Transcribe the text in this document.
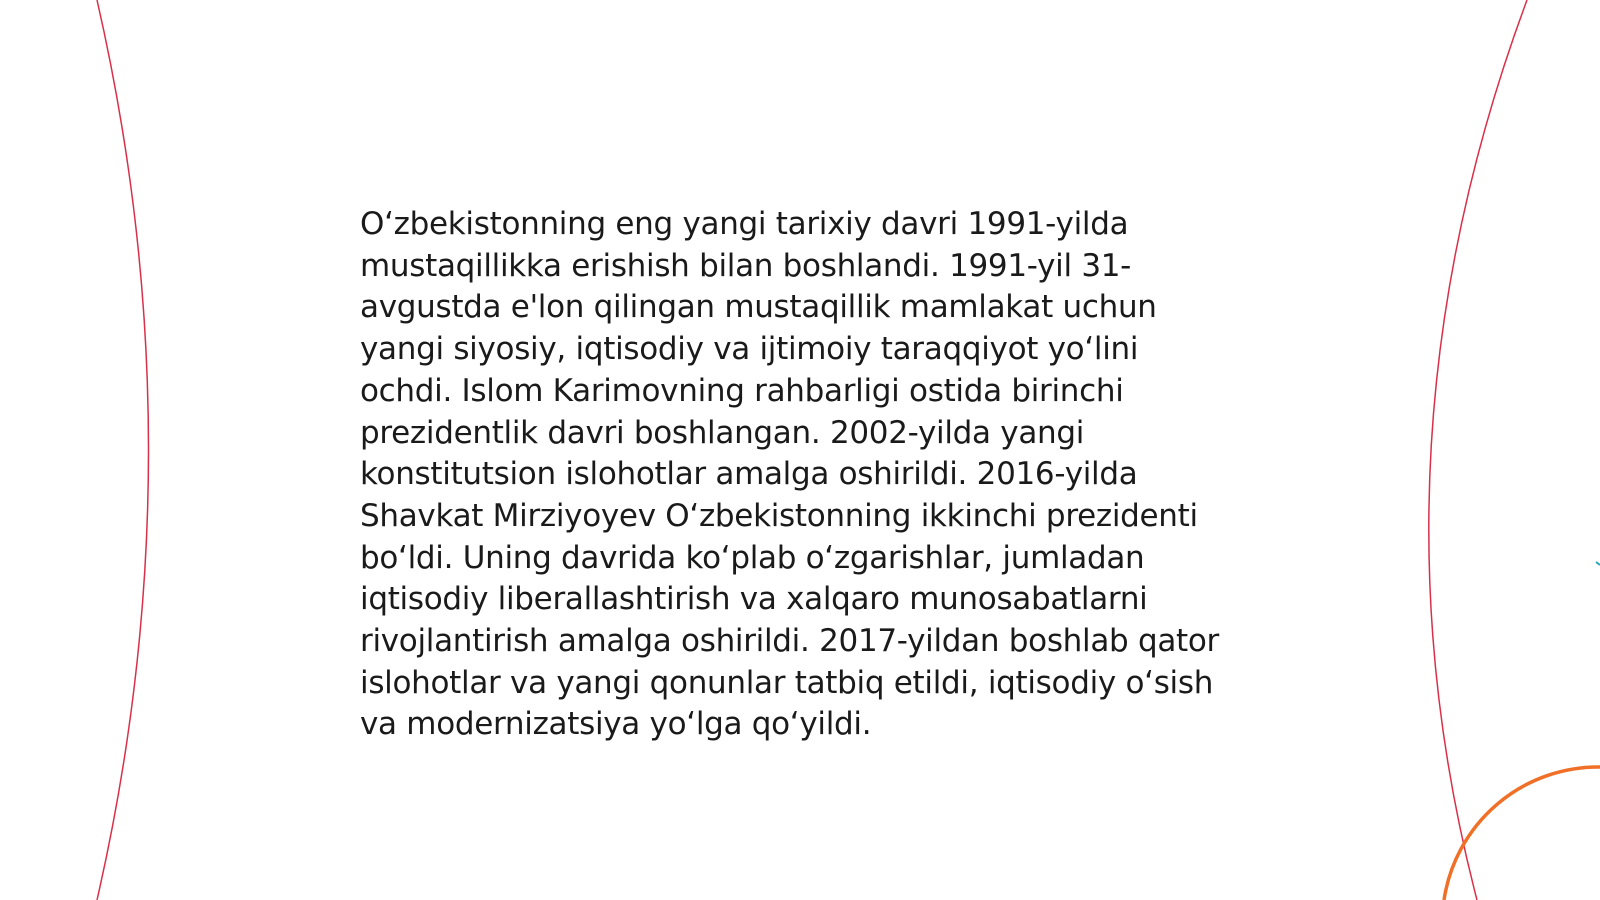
O‘zbekistonning eng yangi tarixiy davri 1991-yilda mustaqillikka erishish bilan boshlandi. 1991-yil 31-avgustda e'lon qilingan mustaqillik mamlakat uchun yangi siyosiy, iqtisodiy va ijtimoiy taraqqiyot yo‘lini ochdi. Islom Karimovning rahbarligi ostida birinchi prezidentlik davri boshlangan. 2002-yilda yangi konstitutsion islohotlar amalga oshirildi. 2016-yilda Shavkat Mirziyoyev O‘zbekistonning ikkinchi prezidenti bo‘ldi. Uning davrida ko‘plab o‘zgarishlar, jumladan iqtisodiy liberallashtirish va xalqaro munosabatlarni rivojlantirish amalga oshirildi. 2017-yildan boshlab qator islohotlar va yangi qonunlar tatbiq etildi, iqtisodiy o‘sish va modernizatsiya yo‘lga qo‘yildi.
